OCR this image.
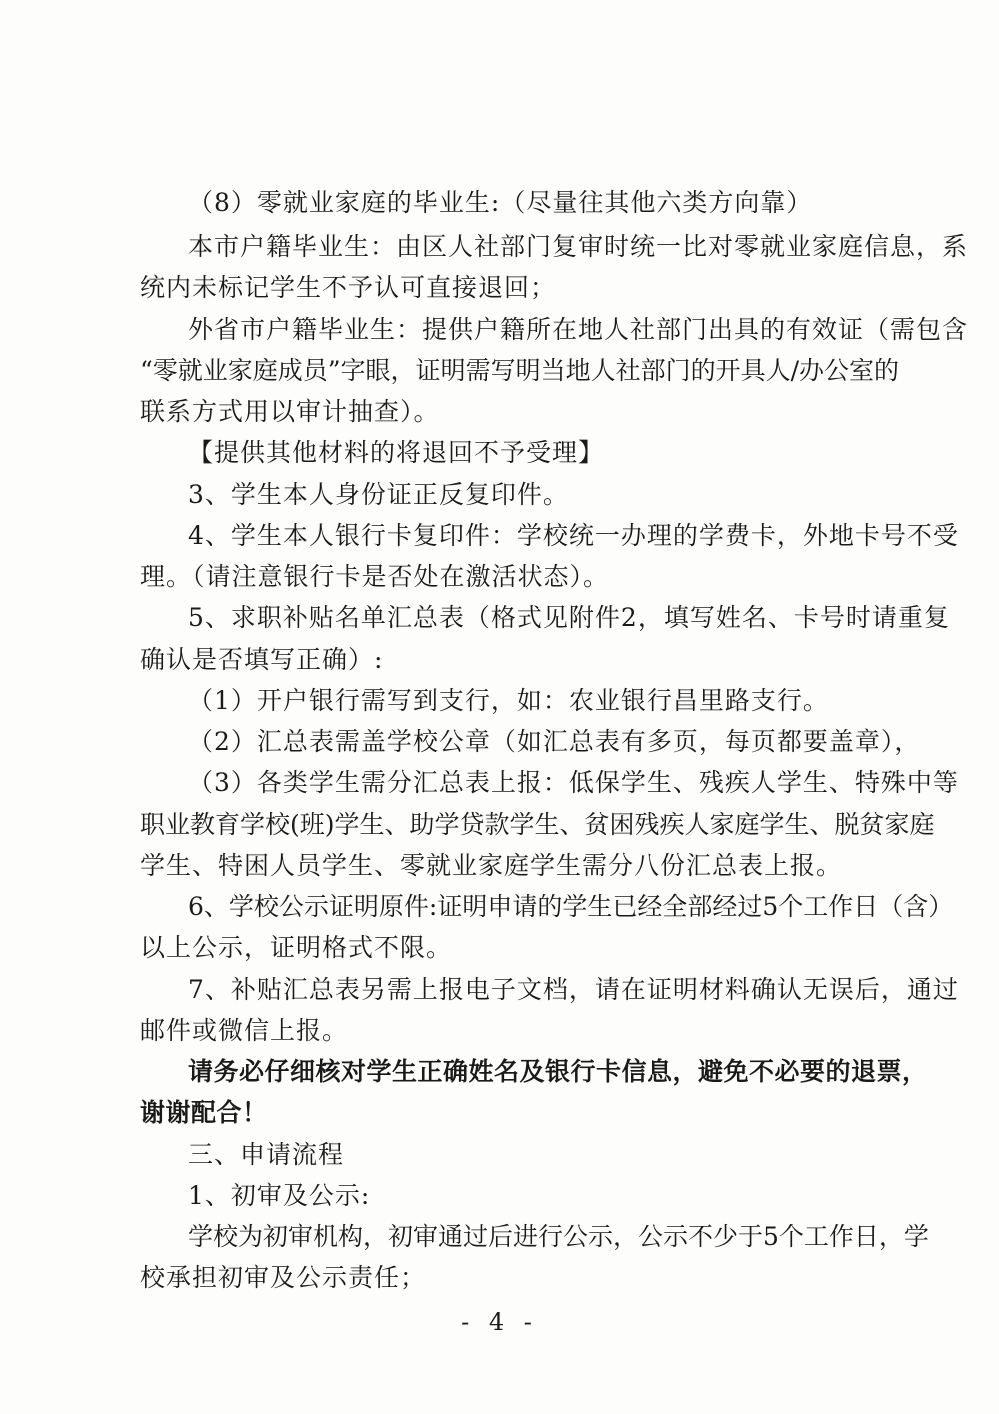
（8）零就业家庭的毕业生:（尽量往其他六类方向靠）
本市户籍毕业生：由区人社部门复审时统一比对零就业家庭信息，系
统内未标记学生不予认可直接退回；
外省市户籍毕业生：提供户籍所在地人社部门出具的有效证（需包含
“零就业家庭成员”字眼，证明需写明当地人社部门的开具人/办公室的
联系方式用以审计抽查）。
【提供其他材料的将退回不予受理】
3、学生本人身份证正反复印件。
4、学生本人银行卡复印件：学校统一办理的学费卡，外地卡号不受
理。（请注意银行卡是否处在激活状态）。
5、求职补贴名单汇总表（格式见附件2，填写姓名、卡号时请重复
确认是否填写正确）:
（1）开户银行需写到支行，如：农业银行昌里路支行。
（2）汇总表需盖学校公章（如汇总表有多页，每页都要盖章），
（3）各类学生需分汇总表上报：低保学生、残疾人学生、特殊中等
职业教育学校(班)学生、助学贷款学生、贫困残疾人家庭学生、脱贫家庭
学生、特困人员学生、零就业家庭学生需分八份汇总表上报。
6、学校公示证明原件:证明申请的学生已经全部经过5个工作日（含）
以上公示，证明格式不限。
7、补贴汇总表另需上报电子文档，请在证明材料确认无误后，通过
邮件或微信上报。
请务必仔细核对学生正确姓名及银行卡信息，避免不必要的退票，
谢谢配合！
三、申请流程
1、初审及公示:
学校为初审机构，初审通过后进行公示，公示不少于5个工作日，学
校承担初审及公示责任；
- 4 -
